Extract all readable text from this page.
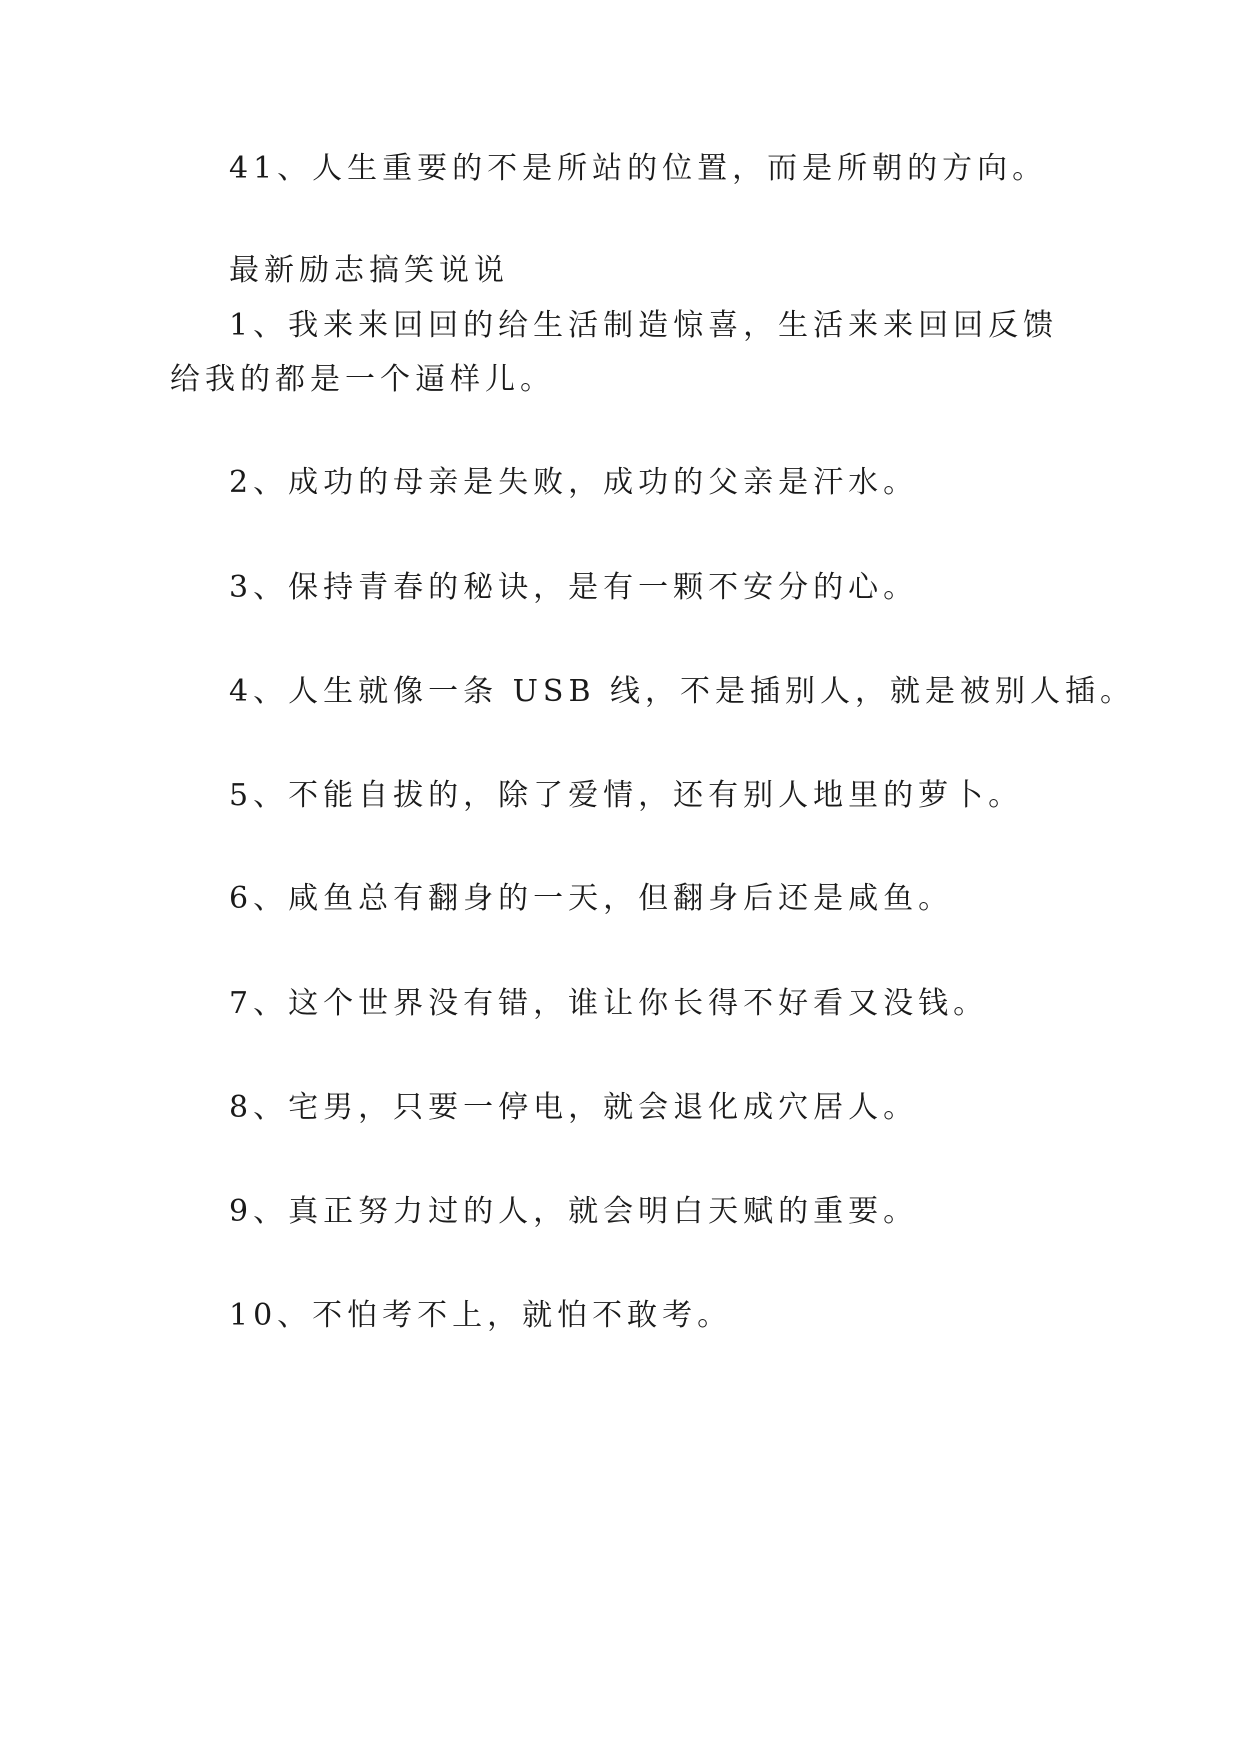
41、人生重要的不是所站的位置，而是所朝的方向。
最新励志搞笑说说
1、我来来回回的给生活制造惊喜，生活来来回回反馈
给我的都是一个逼样儿。
2、成功的母亲是失败，成功的父亲是汗水。
3、保持青春的秘诀，是有一颗不安分的心。
4、人生就像一条 USB 线，不是插别人，就是被别人插。
5、不能自拔的，除了爱情，还有别人地里的萝卜。
6、咸鱼总有翻身的一天，但翻身后还是咸鱼。
7、这个世界没有错，谁让你长得不好看又没钱。
8、宅男，只要一停电，就会退化成穴居人。
9、真正努力过的人，就会明白天赋的重要。
10、不怕考不上，就怕不敢考。
